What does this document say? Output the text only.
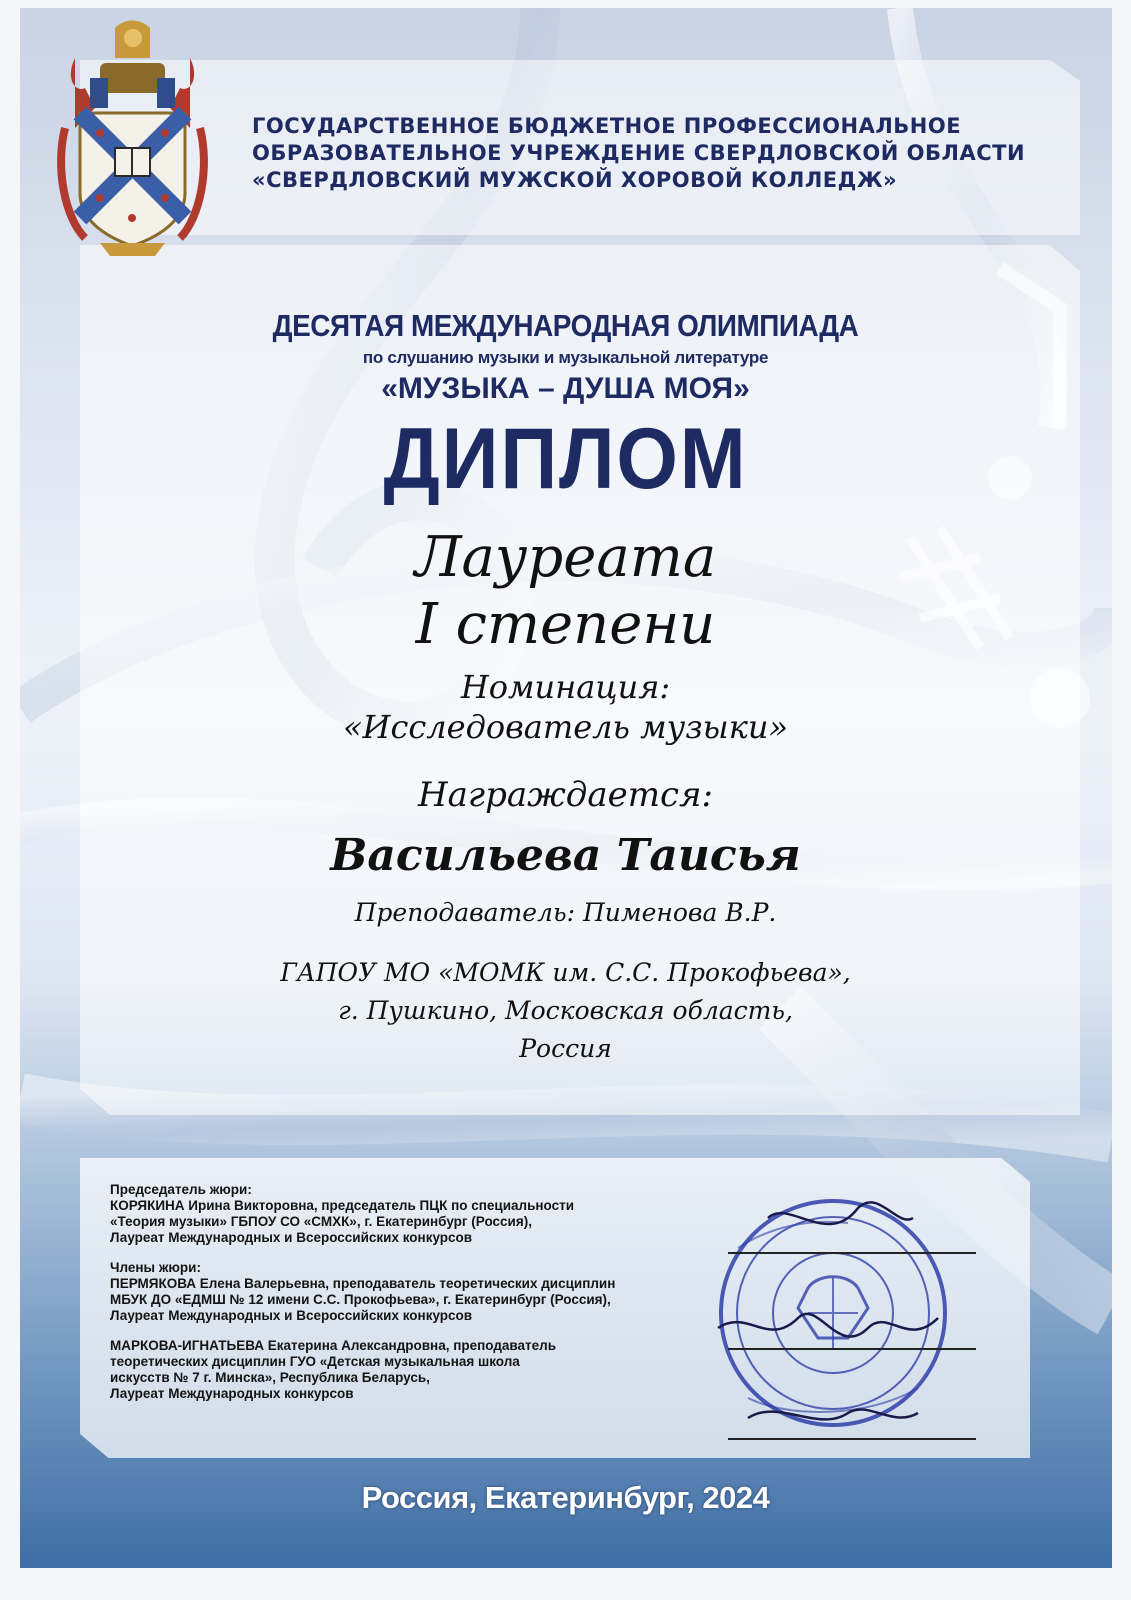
ГОСУДАРСТВЕННОЕ БЮДЖЕТНОЕ ПРОФЕССИОНАЛЬНОЕ
ОБРАЗОВАТЕЛЬНОЕ УЧРЕЖДЕНИЕ СВЕРДЛОВСКОЙ ОБЛАСТИ
«СВЕРДЛОВСКИЙ МУЖСКОЙ ХОРОВОЙ КОЛЛЕДЖ»
ДЕСЯТАЯ МЕЖДУНАРОДНАЯ ОЛИМПИАДА
по слушанию музыки и музыкальной литературе
«МУЗЫКА – ДУША МОЯ»
ДИПЛОМ
Лауреата
I степени
Номинация:
«Исследователь музыки»
Награждается:
Васильева Таисья
Преподаватель: Пименова В.Р.
ГАПОУ МО «МОМК им. С.С. Прокофьева»,
г. Пушкино, Московская область,
Россия
Председатель жюри:
КОРЯКИНА Ирина Викторовна, председатель ПЦК по специальности
«Теория музыки» ГБПОУ СО «СМХК», г. Екатеринбург (Россия),
Лауреат Международных и Всероссийских конкурсов
Члены жюри:
ПЕРМЯКОВА Елена Валерьевна, преподаватель теоретических дисциплин
МБУК ДО «ЕДМШ № 12 имени С.С. Прокофьева», г. Екатеринбург (Россия),
Лауреат Международных и Всероссийских конкурсов
МАРКОВА-ИГНАТЬЕВА Екатерина Александровна, преподаватель
теоретических дисциплин ГУО «Детская музыкальная школа
искусств № 7 г. Минска», Республика Беларусь,
Лауреат Международных конкурсов
Россия, Екатеринбург, 2024
